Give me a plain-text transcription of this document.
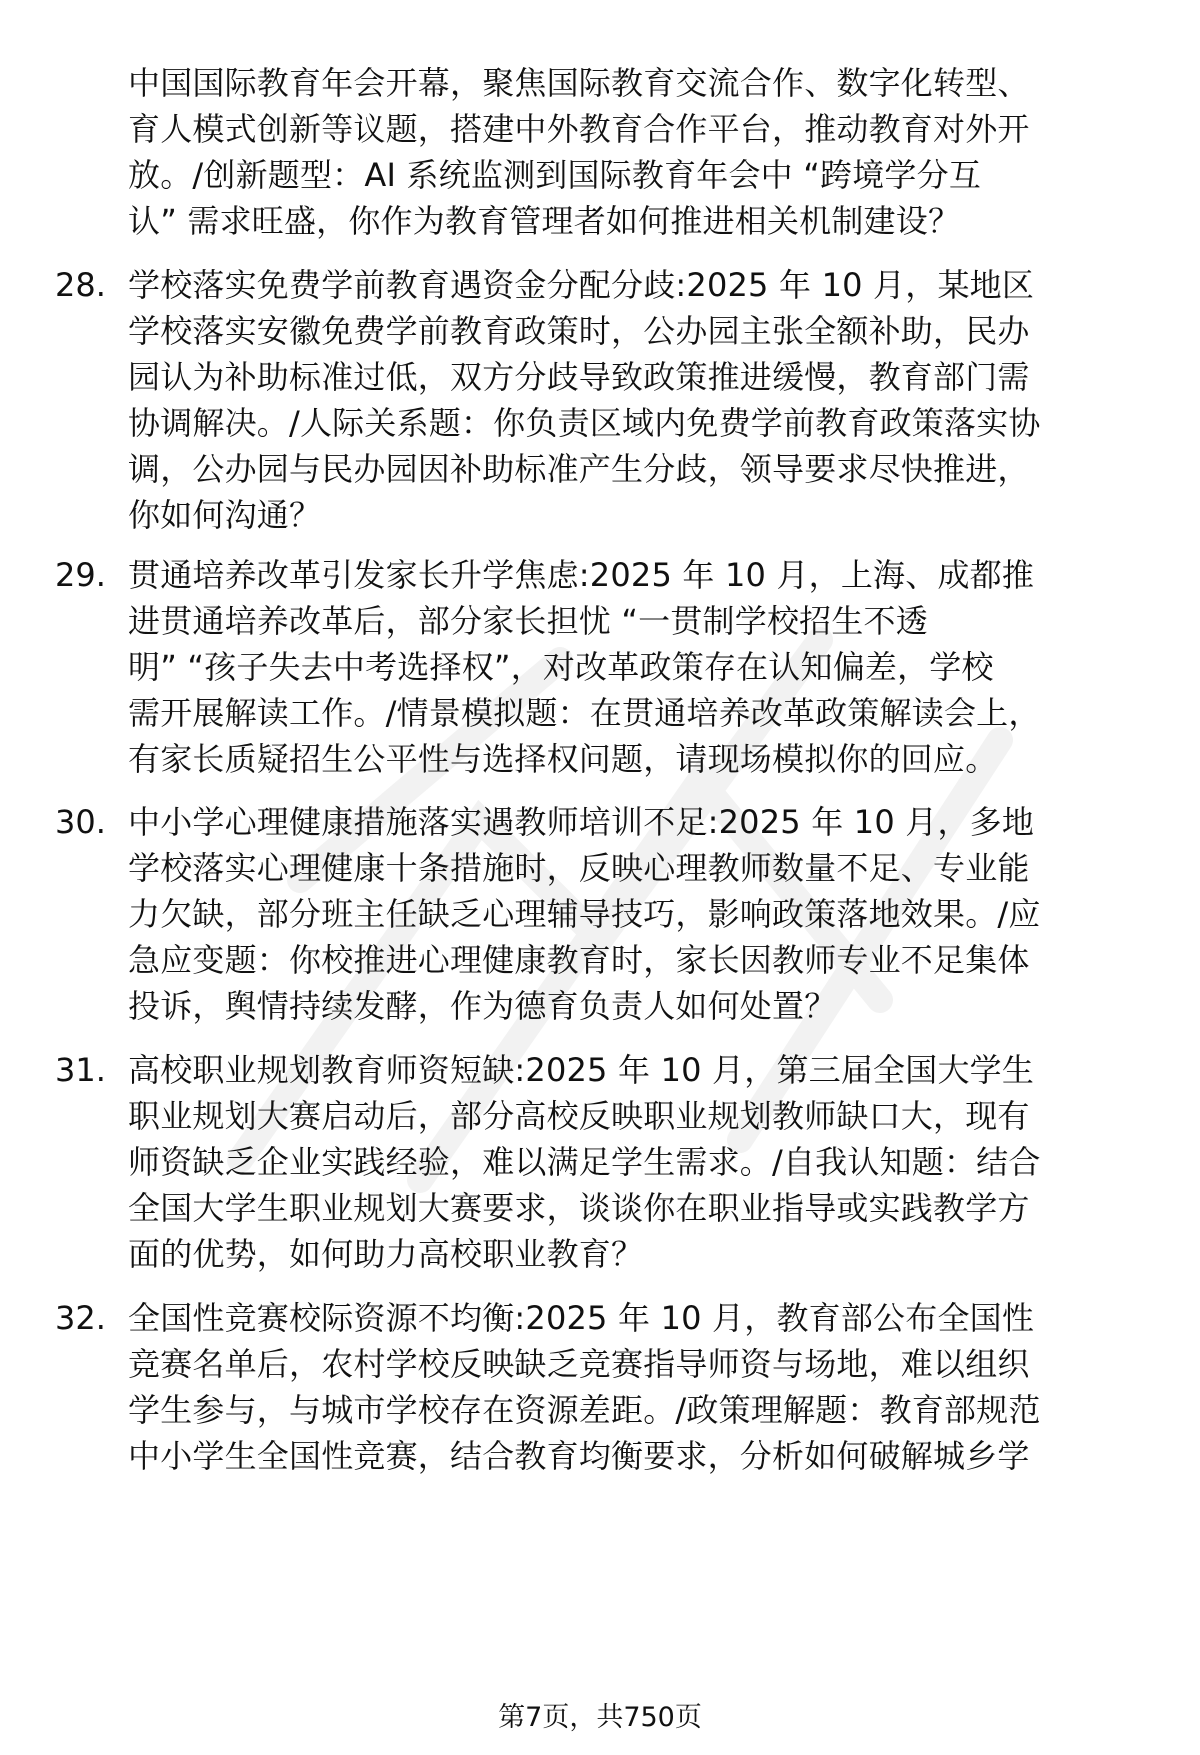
中国国际教育年会开幕，聚焦国际教育交流合作、数字化转型、
育人模式创新等议题，搭建中外教育合作平台，推动教育对外开
放。/创新题型：AI 系统监测到国际教育年会中 “跨境学分互
认” 需求旺盛，你作为教育管理者如何推进相关机制建设？
28. 学校落实免费学前教育遇资金分配分歧:2025 年 10 月，某地区
学校落实安徽免费学前教育政策时，公办园主张全额补助，民办
园认为补助标准过低，双方分歧导致政策推进缓慢，教育部门需
协调解决。/人际关系题：你负责区域内免费学前教育政策落实协
调，公办园与民办园因补助标准产生分歧，领导要求尽快推进，
你如何沟通？
29. 贯通培养改革引发家长升学焦虑:2025 年 10 月，上海、成都推
进贯通培养改革后，部分家长担忧 “一贯制学校招生不透
明” “孩子失去中考选择权”，对改革政策存在认知偏差，学校
需开展解读工作。/情景模拟题：在贯通培养改革政策解读会上，
有家长质疑招生公平性与选择权问题，请现场模拟你的回应。
30. 中小学心理健康措施落实遇教师培训不足:2025 年 10 月，多地
学校落实心理健康十条措施时，反映心理教师数量不足、专业能
力欠缺，部分班主任缺乏心理辅导技巧，影响政策落地效果。/应
急应变题：你校推进心理健康教育时，家长因教师专业不足集体
投诉，舆情持续发酵，作为德育负责人如何处置？
31. 高校职业规划教育师资短缺:2025 年 10 月，第三届全国大学生
职业规划大赛启动后，部分高校反映职业规划教师缺口大，现有
师资缺乏企业实践经验，难以满足学生需求。/自我认知题：结合
全国大学生职业规划大赛要求，谈谈你在职业指导或实践教学方
面的优势，如何助力高校职业教育？
32. 全国性竞赛校际资源不均衡:2025 年 10 月，教育部公布全国性
竞赛名单后，农村学校反映缺乏竞赛指导师资与场地，难以组织
学生参与，与城市学校存在资源差距。/政策理解题：教育部规范
中小学生全国性竞赛，结合教育均衡要求，分析如何破解城乡学
第7页，共750页
